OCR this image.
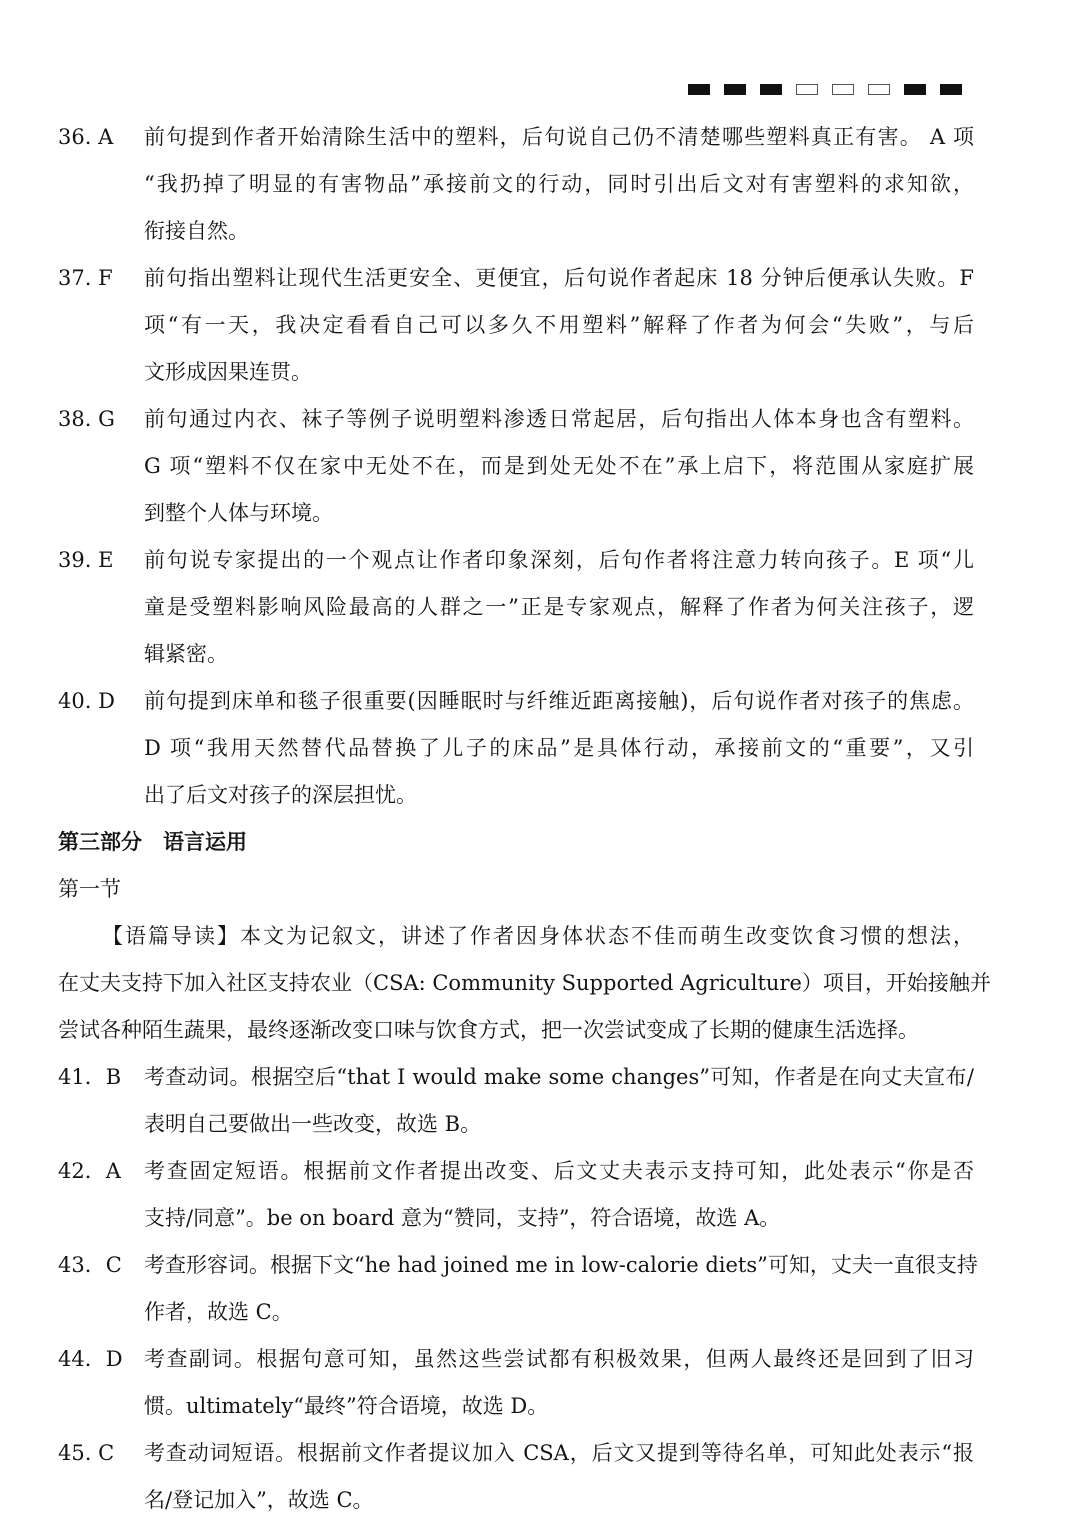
36. A	前句提到作者开始清除生活中的塑料，后句说自己仍不清楚哪些塑料真正有害。 A 项
“我扔掉了明显的有害物品”承接前文的行动，同时引出后文对有害塑料的求知欲，
衔接自然。
37. F	前句指出塑料让现代生活更安全、更便宜，后句说作者起床 18 分钟后便承认失败。F
项“有一天，我决定看看自己可以多久不用塑料”解释了作者为何会“失败”，与后
文形成因果连贯。
38. G	前句通过内衣、袜子等例子说明塑料渗透日常起居，后句指出人体本身也含有塑料。
G 项“塑料不仅在家中无处不在，而是到处无处不在”承上启下，将范围从家庭扩展
到整个人体与环境。
39. E	前句说专家提出的一个观点让作者印象深刻，后句作者将注意力转向孩子。E 项“儿
童是受塑料影响风险最高的人群之一”正是专家观点，解释了作者为何关注孩子，逻
辑紧密。
40. D	前句提到床单和毯子很重要(因睡眠时与纤维近距离接触)，后句说作者对孩子的焦虑。
D 项“我用天然替代品替换了儿子的床品”是具体行动，承接前文的“重要”，又引
出了后文对孩子的深层担忧。
第三部分　语言运用
第一节
【语篇导读】本文为记叙文，讲述了作者因身体状态不佳而萌生改变饮食习惯的想法，
在丈夫支持下加入社区支持农业（CSA: Community Supported Agriculture）项目，开始接触并
尝试各种陌生蔬果，最终逐渐改变口味与饮食方式，把一次尝试变成了长期的健康生活选择。
41．B	考查动词。根据空后“that I would make some changes”可知，作者是在向丈夫宣布/
表明自己要做出一些改变，故选 B。
42．A	考查固定短语。根据前文作者提出改变、后文丈夫表示支持可知，此处表示“你是否
支持/同意”。be on board 意为“赞同，支持”，符合语境，故选 A。
43．C	考查形容词。根据下文“he had joined me in low-calorie diets”可知，丈夫一直很支持
作者，故选 C。
44．D	考查副词。根据句意可知，虽然这些尝试都有积极效果，但两人最终还是回到了旧习
惯。ultimately“最终”符合语境，故选 D。
45. C	考查动词短语。根据前文作者提议加入 CSA，后文又提到等待名单，可知此处表示“报
名/登记加入”，故选 C。
